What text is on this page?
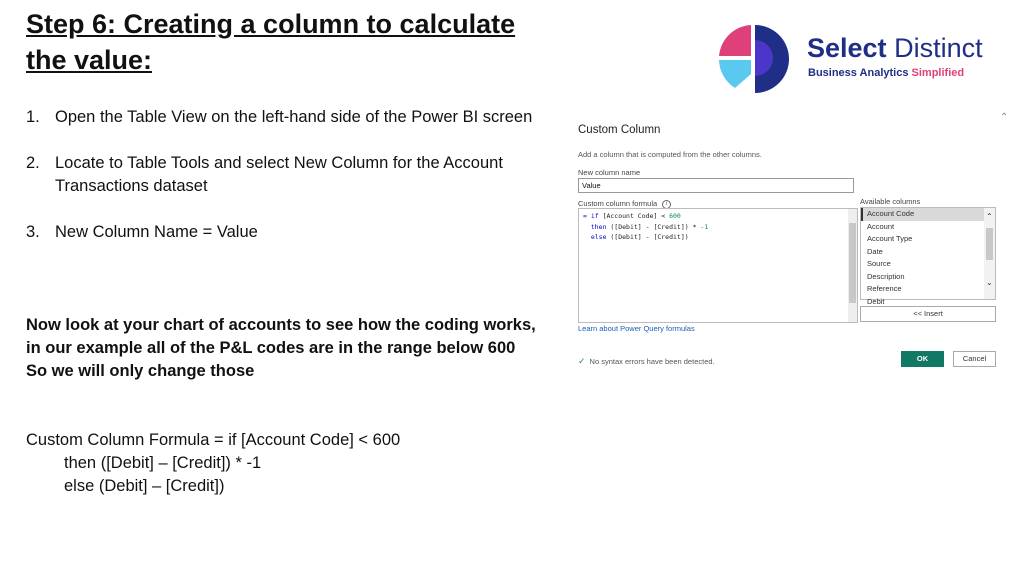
Step 6: Creating a column to calculate the value:
1. Open the Table View on the left-hand side of the Power BI screen
2. Locate to Table Tools and select New Column for the Account Transactions dataset
3. New Column Name = Value
Now look at your chart of accounts to see how the coding works,
in our example all of the P&L codes are in the range below 600
So we will only change those
Custom Column Formula = if [Account Code] < 600
then ([Debit] – [Credit]) * -1
else (Debit] – [Credit])
Select Distinct
Business Analytics Simplified
⌃
Custom Column
Add a column that is computed from the other columns.
New column name
Value
Custom column formula i
= if [Account Code] < 600
then ([Debit] - [Credit]) * -1
else ([Debit] - [Credit])
Available columns
Account Code
Account
Account Type
Date
Source
Description
Reference
Debit
⌃
⌄
<< Insert
Learn about Power Query formulas
✓ No syntax errors have been detected.	OK	Cancel
